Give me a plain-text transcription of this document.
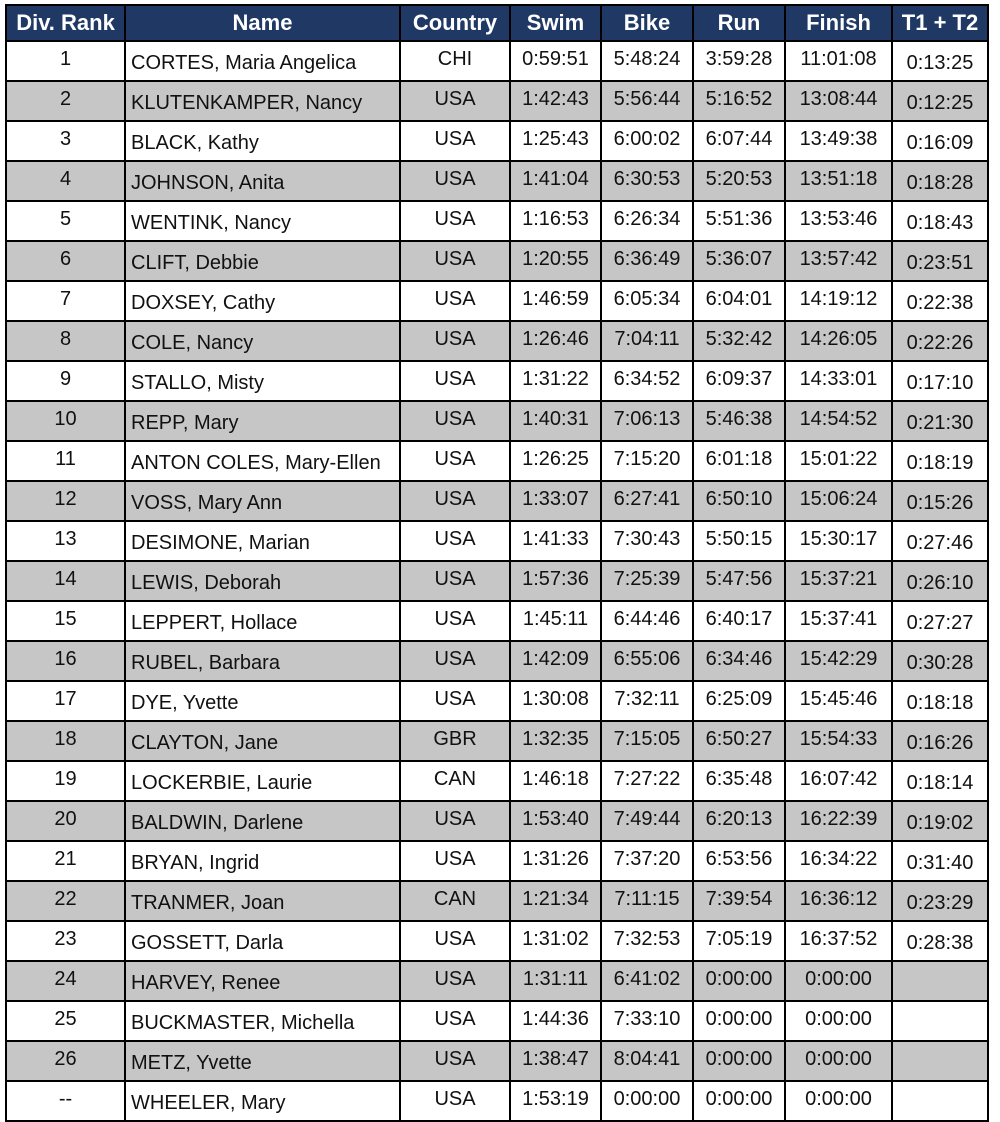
Div. Rank	Name	Country	Swim	Bike	Run	Finish	T1 + T2
1	CORTES, Maria Angelica	CHI	0:59:51	5:48:24	3:59:28	11:01:08	0:13:25
2	KLUTENKAMPER, Nancy	USA	1:42:43	5:56:44	5:16:52	13:08:44	0:12:25
3	BLACK, Kathy	USA	1:25:43	6:00:02	6:07:44	13:49:38	0:16:09
4	JOHNSON, Anita	USA	1:41:04	6:30:53	5:20:53	13:51:18	0:18:28
5	WENTINK, Nancy	USA	1:16:53	6:26:34	5:51:36	13:53:46	0:18:43
6	CLIFT, Debbie	USA	1:20:55	6:36:49	5:36:07	13:57:42	0:23:51
7	DOXSEY, Cathy	USA	1:46:59	6:05:34	6:04:01	14:19:12	0:22:38
8	COLE, Nancy	USA	1:26:46	7:04:11	5:32:42	14:26:05	0:22:26
9	STALLO, Misty	USA	1:31:22	6:34:52	6:09:37	14:33:01	0:17:10
10	REPP, Mary	USA	1:40:31	7:06:13	5:46:38	14:54:52	0:21:30
11	ANTON COLES, Mary-Ellen	USA	1:26:25	7:15:20	6:01:18	15:01:22	0:18:19
12	VOSS, Mary Ann	USA	1:33:07	6:27:41	6:50:10	15:06:24	0:15:26
13	DESIMONE, Marian	USA	1:41:33	7:30:43	5:50:15	15:30:17	0:27:46
14	LEWIS, Deborah	USA	1:57:36	7:25:39	5:47:56	15:37:21	0:26:10
15	LEPPERT, Hollace	USA	1:45:11	6:44:46	6:40:17	15:37:41	0:27:27
16	RUBEL, Barbara	USA	1:42:09	6:55:06	6:34:46	15:42:29	0:30:28
17	DYE, Yvette	USA	1:30:08	7:32:11	6:25:09	15:45:46	0:18:18
18	CLAYTON, Jane	GBR	1:32:35	7:15:05	6:50:27	15:54:33	0:16:26
19	LOCKERBIE, Laurie	CAN	1:46:18	7:27:22	6:35:48	16:07:42	0:18:14
20	BALDWIN, Darlene	USA	1:53:40	7:49:44	6:20:13	16:22:39	0:19:02
21	BRYAN, Ingrid	USA	1:31:26	7:37:20	6:53:56	16:34:22	0:31:40
22	TRANMER, Joan	CAN	1:21:34	7:11:15	7:39:54	16:36:12	0:23:29
23	GOSSETT, Darla	USA	1:31:02	7:32:53	7:05:19	16:37:52	0:28:38
24	HARVEY, Renee	USA	1:31:11	6:41:02	0:00:00	0:00:00	
25	BUCKMASTER, Michella	USA	1:44:36	7:33:10	0:00:00	0:00:00	
26	METZ, Yvette	USA	1:38:47	8:04:41	0:00:00	0:00:00	
--	WHEELER, Mary	USA	1:53:19	0:00:00	0:00:00	0:00:00	
